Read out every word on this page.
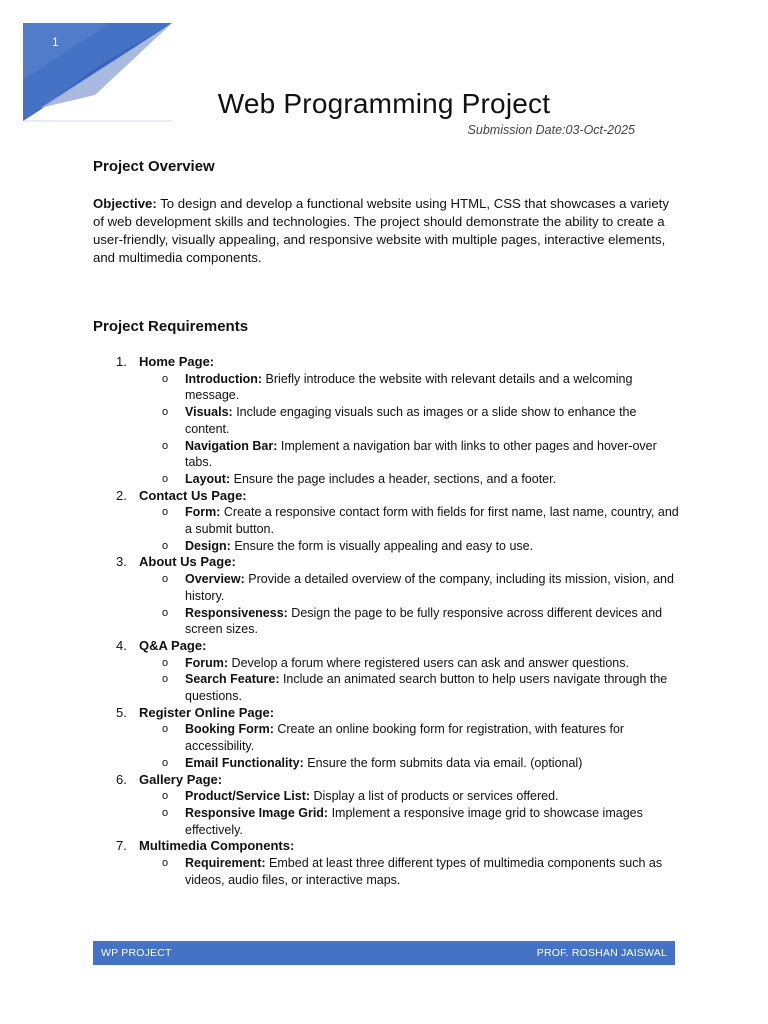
1
Web Programming Project
Submission Date:03-Oct-2025
Project Overview
Objective: To design and develop a functional website using HTML, CSS that showcases a variety of web development skills and technologies. The project should demonstrate the ability to create a user-friendly, visually appealing, and responsive website with multiple pages, interactive elements, and multimedia components.
Project Requirements
1. Home Page:
o Introduction: Briefly introduce the website with relevant details and a welcoming message.
o Visuals: Include engaging visuals such as images or a slide show to enhance the content.
o Navigation Bar: Implement a navigation bar with links to other pages and hover-over tabs.
o Layout: Ensure the page includes a header, sections, and a footer.
2. Contact Us Page:
o Form: Create a responsive contact form with fields for first name, last name, country, and a submit button.
o Design: Ensure the form is visually appealing and easy to use.
3. About Us Page:
o Overview: Provide a detailed overview of the company, including its mission, vision, and history.
o Responsiveness: Design the page to be fully responsive across different devices and screen sizes.
4. Q&A Page:
o Forum: Develop a forum where registered users can ask and answer questions.
o Search Feature: Include an animated search button to help users navigate through the questions.
5. Register Online Page:
o Booking Form: Create an online booking form for registration, with features for accessibility.
o Email Functionality: Ensure the form submits data via email. (optional)
6. Gallery Page:
o Product/Service List: Display a list of products or services offered.
o Responsive Image Grid: Implement a responsive image grid to showcase images effectively.
7. Multimedia Components:
o Requirement: Embed at least three different types of multimedia components such as videos, audio files, or interactive maps.
WP PROJECT	PROF. ROSHAN JAISWAL
